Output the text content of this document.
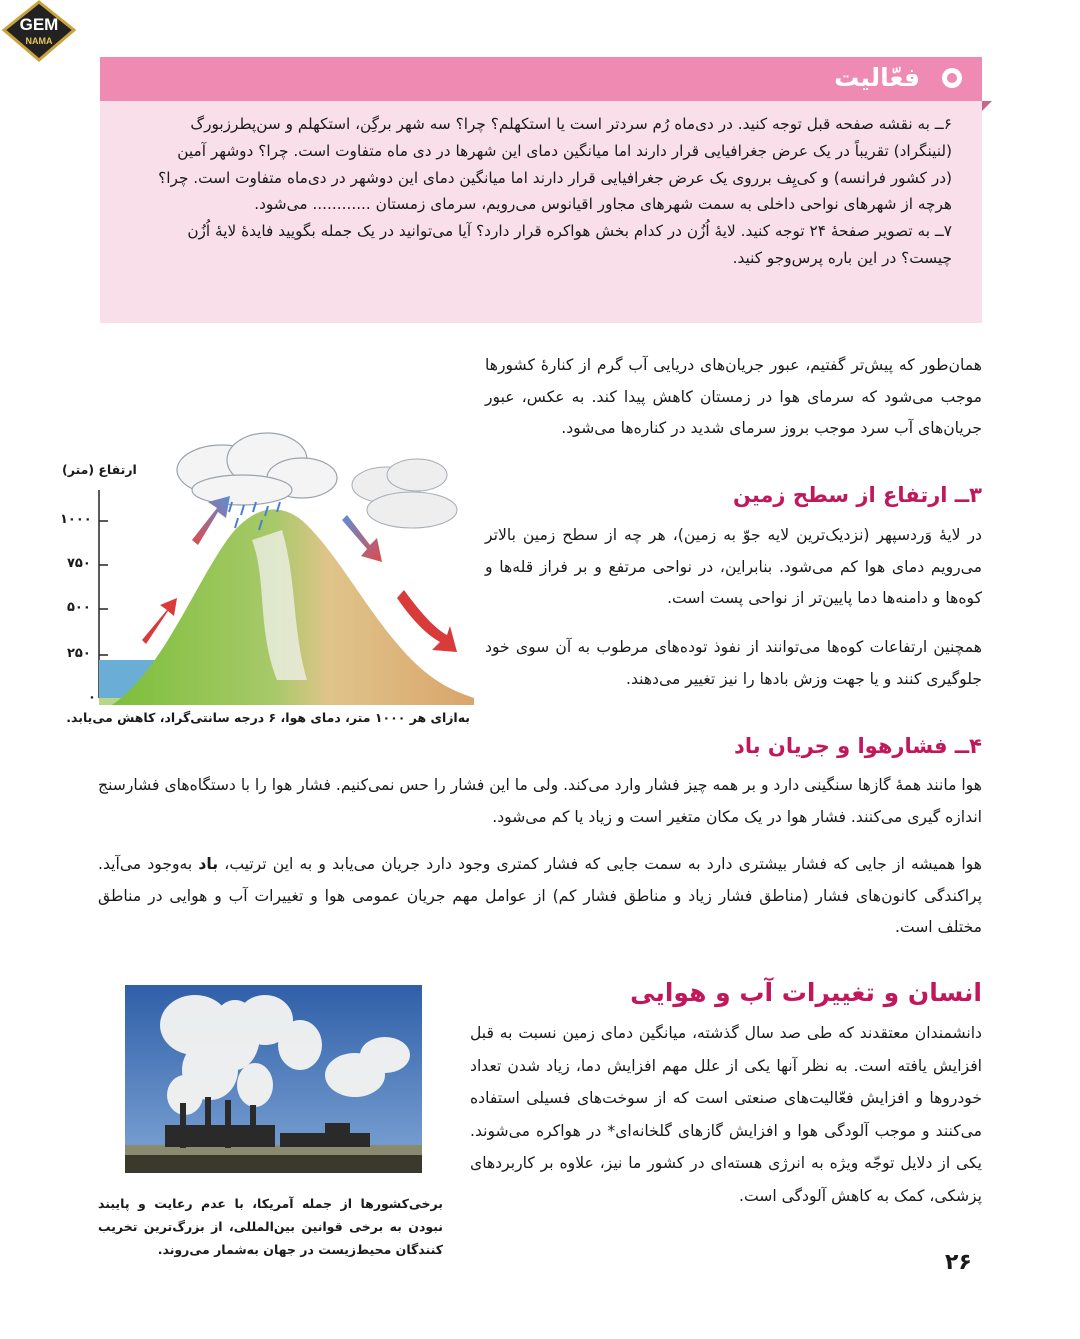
GEM
NAMA
فعّالیت

۶ــ به نقشه صفحه قبل توجه کنید. در دی‌ماه رُم سردتر است یا استکهلم؟ چرا؟ سه شهر برگِن، استکهلم و سن‌پطرزبورگ

(لنینگراد) تقریباً در یک عرض جغرافیایی قرار دارند اما میانگین دمای این شهرها در دی ماه متفاوت است. چرا؟ دوشهر آمین

(در کشور فرانسه) و کی‌یِف برروی یک عرض جغرافیایی قرار دارند اما میانگین دمای این دوشهر در دی‌ماه متفاوت است. چرا؟

هرچه از شهرهای نواحی داخلی به سمت شهرهای مجاور اقیانوس می‌رویم، سرمای زمستان ............ می‌شود.

۷ــ به تصویر صفحهٔ ۲۴ توجه کنید. لایهٔ اُزُن در کدام بخش هواکره قرار دارد؟ آیا می‌توانید در یک جمله بگویید فایدهٔ لایهٔ اُزُن

چیست؟ در این باره پرس‌وجو کنید.

همان‌طور که پیش‌تر گفتیم، عبور جریان‌های دریایی آب گرم از کنارهٔ کشورها موجب می‌شود که سرمای هوا در زمستان کاهش پیدا کند. به عکس، عبور جریان‌های آب سرد موجب بروز سرمای شدید در کناره‌ها می‌شود.

ارتفاع (متر)
۱۰۰۰
۷۵۰
۵۰۰
۲۵۰
۰
به‌ازای هر ۱۰۰۰ متر، دمای هوا، ۶ درجه سانتی‌گراد، کاهش می‌یابد.
۳ــ ارتفاع از سطح زمین

در لایهٔ وَردسپهر (نزدیک‌ترین لایه جوّ به زمین)، هر چه از سطح زمین بالاتر می‌رویم دمای هوا کم می‌شود. بنابراین، در نواحی مرتفع و بر فراز قله‌ها و کوه‌ها و دامنه‌ها دما پایین‌تر از نواحی پست است.

همچنین ارتفاعات کوه‌ها می‌توانند از نفوذ توده‌های مرطوب به آن سوی خود جلوگیری کنند و یا جهت وزش بادها را نیز تغییر می‌دهند.

۴ــ فشارهوا و جریان باد

هوا مانند همهٔ گازها سنگینی دارد و بر همه چیز فشار وارد می‌کند. ولی ما این فشار را حس نمی‌کنیم. فشار هوا را با دستگاه‌های فشارسنج اندازه گیری می‌کنند. فشار هوا در یک مکان متغیر است و زیاد یا کم می‌شود.

هوا همیشه از جایی که فشار بیشتری دارد به سمت جایی که فشار کمتری وجود دارد جریان می‌یابد و به این ترتیب، باد به‌وجود می‌آید. پراکندگی کانون‌های فشار (مناطق فشار زیاد و مناطق فشار کم) از عوامل مهم جریان عمومی هوا و تغییرات آب و هوایی در مناطق مختلف است.

انسان و تغییرات آب و هوایی

دانشمندان معتقدند که طی صد سال گذشته، میانگین دمای زمین نسبت به قبل افزایش یافته است. به نظر آنها یکی از علل مهم افزایش دما، زیاد شدن تعداد خودروها و افزایش فعّالیت‌های صنعتی است که از سوخت‌های فسیلی استفاده می‌کنند و موجب آلودگی هوا و افزایش گازهای گلخانه‌ای* در هواکره می‌شوند. یکی از دلایل توجّه ویژه به انرژی هسته‌ای در کشور ما نیز، علاوه بر کاربردهای پزشکی، کمک به کاهش آلودگی است.

برخی‌کشورها از جمله آمریکا، با عدم رعایت و پایبند نبودن به برخی قوانین بین‌المللی، از بزرگ‌ترین تخریب کنندگان محیط‌زیست در جهان به‌شمار می‌روند.
۲۶
